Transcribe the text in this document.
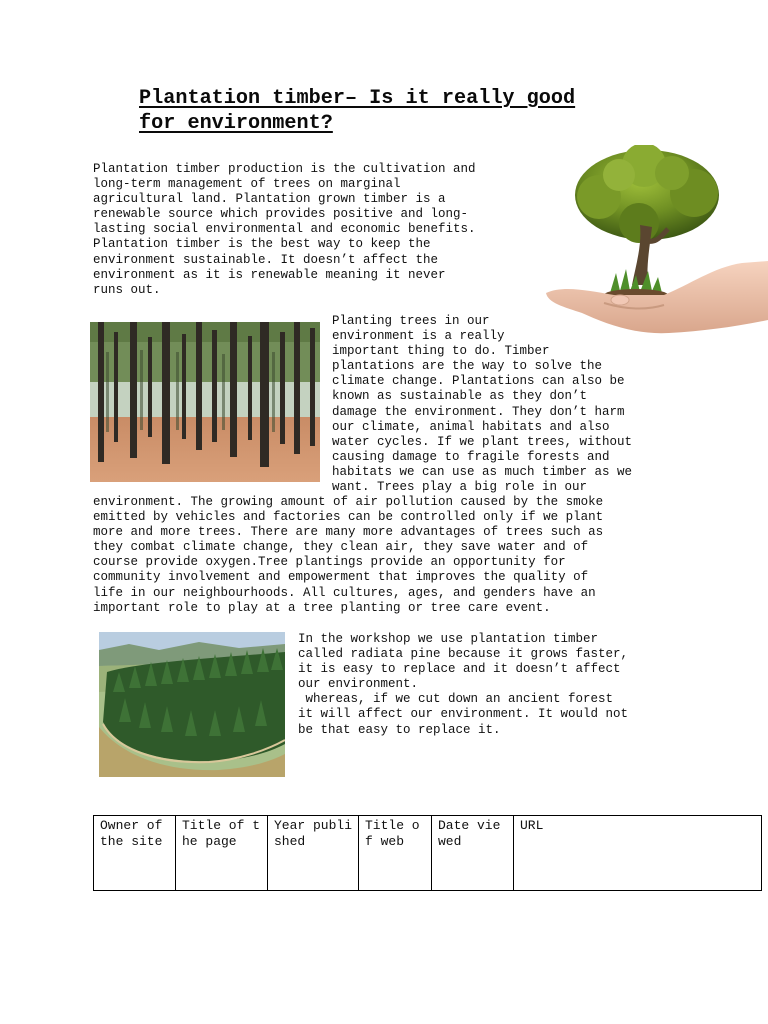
Plantation timber– Is it really good
for environment?
Plantation timber production is the cultivation and
long-term management of trees on marginal
agricultural land. Plantation grown timber is a
renewable source which provides positive and long-
lasting social environmental and economic benefits.
Plantation timber is the best way to keep the
environment sustainable. It doesn’t affect the
environment as it is renewable meaning it never
runs out.
Planting trees in our
environment is a really
important thing to do. Timber
plantations are the way to solve the
climate change. Plantations can also be
known as sustainable as they don’t
damage the environment. They don’t harm
our climate, animal habitats and also
water cycles. If we plant trees, without
causing damage to fragile forests and
habitats we can use as much timber as we
want. Trees play a big role in our
environment. The growing amount of air pollution caused by the smoke
emitted by vehicles and factories can be controlled only if we plant
more and more trees. There are many more advantages of trees such as
they combat climate change, they clean air, they save water and of
course provide oxygen.Tree plantings provide an opportunity for
community involvement and empowerment that improves the quality of
life in our neighbourhoods. All cultures, ages, and genders have an
important role to play at a tree planting or tree care event.
In the workshop we use plantation timber
called radiata pine because it grows faster,
it is easy to replace and it doesn’t affect
our environment.
whereas, if we cut down an ancient forest
it will affect our environment. It would not
be that easy to replace it.
Owner of the site	Title of the page	Year published	Title of web	Date viewed	URL
